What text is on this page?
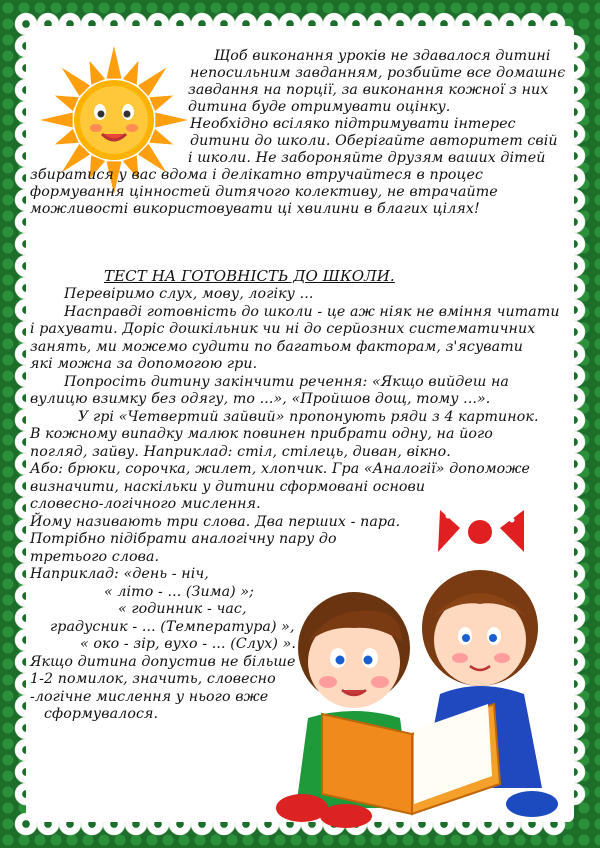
Щоб виконання уроків не здавалося дитині
непосильним завданням, розбийте все домашнє
завдання на порції, за виконання кожної з них
дитина буде отримувати оцінку.
Необхідно всіляко підтримувати інтерес
дитини до школи. Оберігайте авторитет свій
і школи. Не забороняйте друзям ваших дітей
збиратися у вас вдома і делікатно втручайтеся в процес
формування цінностей дитячого колективу, не втрачайте
можливості використовувати ці хвилини в благих цілях!
ТЕСТ НА ГОТОВНІСТЬ ДО ШКОЛИ.
Перевіримо слух, мову, логіку ...
Насправді готовність до школи - це аж ніяк не вміння читати
і рахувати. Доріс дошкільник чи ні до серйозних систематичних
занять, ми можемо судити по багатьом факторам, з'ясувати
які можна за допомогою гри.
Попросіть дитину закінчити речення: «Якщо вийдеш на
вулицю взимку без одягу, то ...», «Пройшов дощ, тому ...».
У грі «Четвертий зайвий» пропонують ряди з 4 картинок.
В кожному випадку малюк повинен прибрати одну, на його
погляд, зайву. Наприклад: стіл, стілець, диван, вікно.
Або: брюки, сорочка, жилет, хлопчик. Гра «Аналогії» допоможе
визначити, наскільки у дитини сформовані основи
словесно-логічного мислення.
Йому називають три слова. Два перших - пара.
Потрібно підібрати аналогічну пару до
третього слова.
Наприклад: «день - ніч,
« літо - ... (Зима) »;
« годинник - час,
градусник - ... (Температура) »,
« око - зір, вухо - ... (Слух) ».
Якщо дитина допустив не більше
1-2 помилок, значить, словесно
-логічне мислення у нього вже
сформувалося.
